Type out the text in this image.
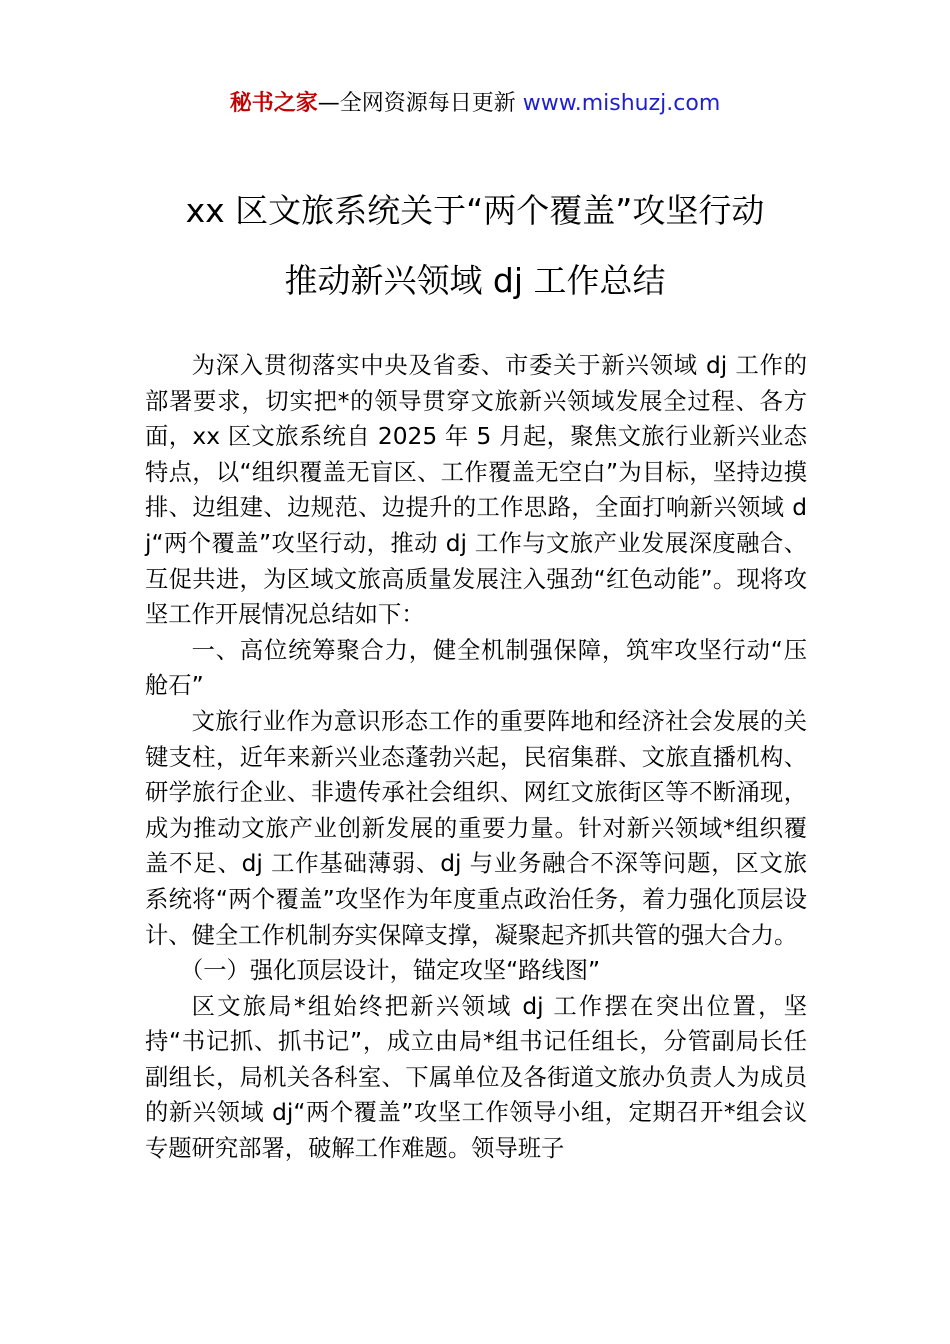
秘书之家—全网资源每日更新 www.mishuzj.com
xx 区文旅系统关于“两个覆盖”攻坚行动
推动新兴领域 dj 工作总结

为深入贯彻落实中央及省委、市委关于新兴领域 dj 工作的部署要求，切实把*的领导贯穿文旅新兴领域发展全过程、各方面，xx 区文旅系统自 2025 年 5 月起，聚焦文旅行业新兴业态特点，以“组织覆盖无盲区、工作覆盖无空白”为目标，坚持边摸排、边组建、边规范、边提升的工作思路，全面打响新兴领域 dj“两个覆盖”攻坚行动，推动 dj 工作与文旅产业发展深度融合、互促共进，为区域文旅高质量发展注入强劲“红色动能”。现将攻坚工作开展情况总结如下：

一、高位统筹聚合力，健全机制强保障，筑牢攻坚行动“压舱石”

文旅行业作为意识形态工作的重要阵地和经济社会发展的关键支柱，近年来新兴业态蓬勃兴起，民宿集群、文旅直播机构、研学旅行企业、非遗传承社会组织、网红文旅街区等不断涌现，成为推动文旅产业创新发展的重要力量。针对新兴领域*组织覆盖不足、dj 工作基础薄弱、dj 与业务融合不深等问题，区文旅系统将“两个覆盖”攻坚作为年度重点政治任务，着力强化顶层设计、健全工作机制夯实保障支撑，凝聚起齐抓共管的强大合力。

（一）强化顶层设计，锚定攻坚“路线图”

区文旅局*组始终把新兴领域 dj 工作摆在突出位置，坚持“书记抓、抓书记”，成立由局*组书记任组长，分管副局长任副组长，局机关各科室、下属单位及各街道文旅办负责人为成员的新兴领域 dj“两个覆盖”攻坚工作领导小组，定期召开*组会议专题研究部署，破解工作难题。领导班子
